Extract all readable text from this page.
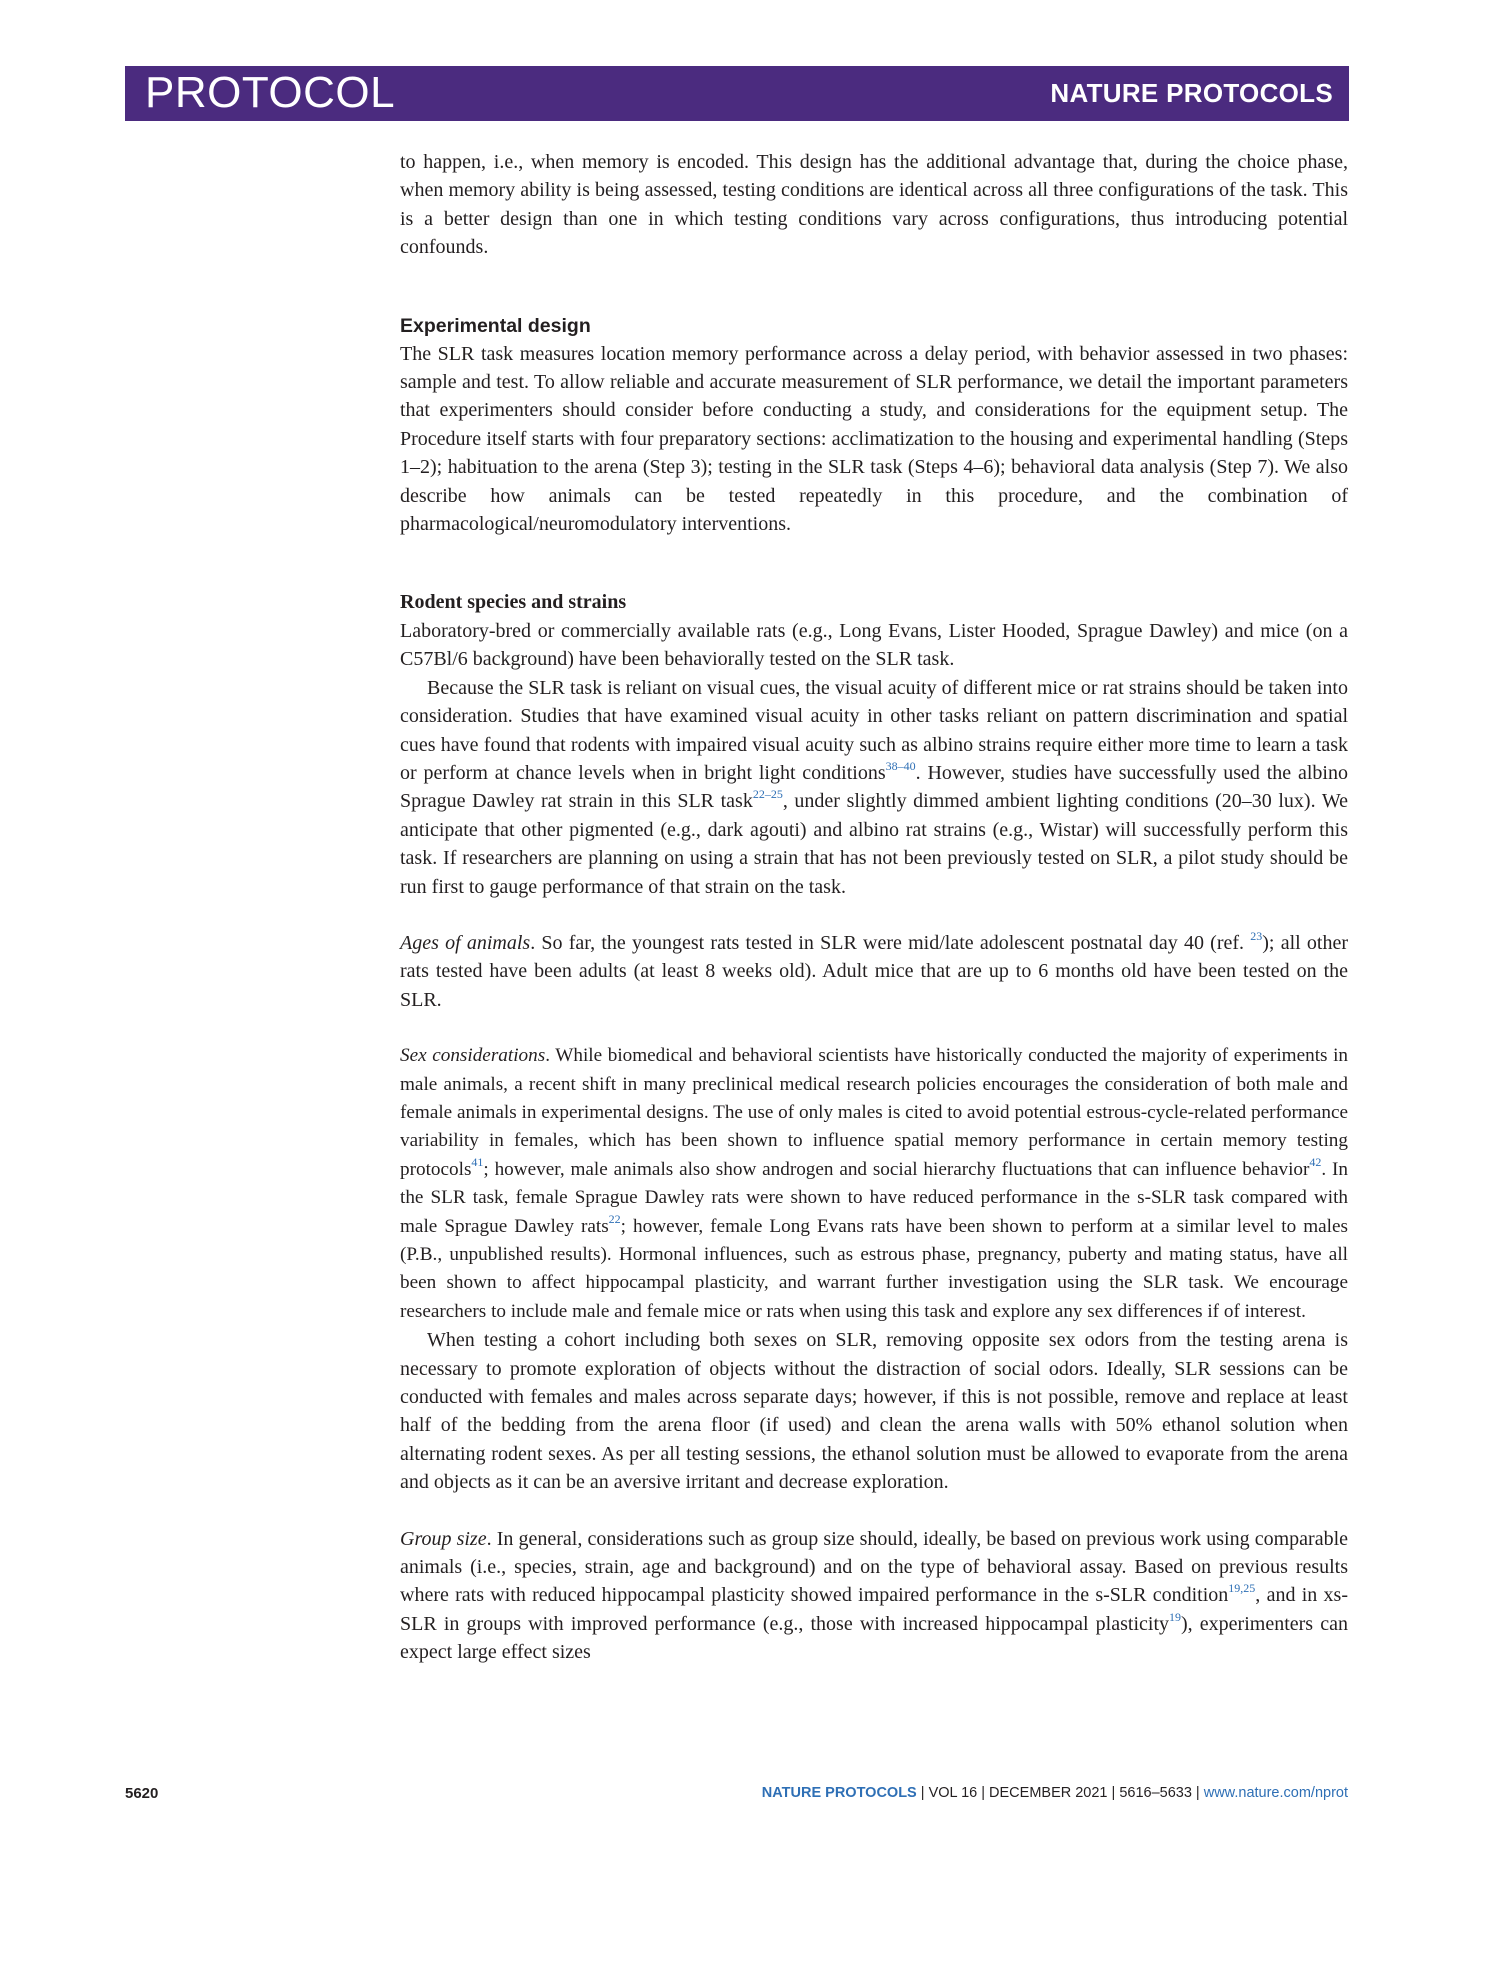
PROTOCOL	NATURE PROTOCOLS

to happen, i.e., when memory is encoded. This design has the additional advantage that, during the choice phase, when memory ability is being assessed, testing conditions are identical across all three configurations of the task. This is a better design than one in which testing conditions vary across configurations, thus introducing potential confounds.

Experimental design

The SLR task measures location memory performance across a delay period, with behavior assessed in two phases: sample and test. To allow reliable and accurate measurement of SLR performance, we detail the important parameters that experimenters should consider before conducting a study, and considerations for the equipment setup. The Procedure itself starts with four preparatory sections: acclimatization to the housing and experimental handling (Steps 1–2); habituation to the arena (Step 3); testing in the SLR task (Steps 4–6); behavioral data analysis (Step 7). We also describe how animals can be tested repeatedly in this procedure, and the combination of pharmacological/neuromodulatory interventions.

Rodent species and strains

Laboratory-bred or commercially available rats (e.g., Long Evans, Lister Hooded, Sprague Dawley) and mice (on a C57Bl/6 background) have been behaviorally tested on the SLR task.

Because the SLR task is reliant on visual cues, the visual acuity of different mice or rat strains should be taken into consideration. Studies that have examined visual acuity in other tasks reliant on pattern discrimination and spatial cues have found that rodents with impaired visual acuity such as albino strains require either more time to learn a task or perform at chance levels when in bright light conditions$^{38-40}$. However, studies have successfully used the albino Sprague Dawley rat strain in this SLR task$^{22-25}$, under slightly dimmed ambient lighting conditions (20–30 lux). We anticipate that other pigmented (e.g., dark agouti) and albino rat strains (e.g., Wistar) will successfully perform this task. If researchers are planning on using a strain that has not been previously tested on SLR, a pilot study should be run first to gauge performance of that strain on the task.

Ages of animals. So far, the youngest rats tested in SLR were mid/late adolescent postnatal day 40 (ref. $^{23}$); all other rats tested have been adults (at least 8 weeks old). Adult mice that are up to 6 months old have been tested on the SLR.

Sex considerations. While biomedical and behavioral scientists have historically conducted the majority of experiments in male animals, a recent shift in many preclinical medical research policies encourages the consideration of both male and female animals in experimental designs. The use of only males is cited to avoid potential estrous-cycle-related performance variability in females, which has been shown to influence spatial memory performance in certain memory testing protocols$^{41}$; however, male animals also show androgen and social hierarchy fluctuations that can influence behavior$^{42}$. In the SLR task, female Sprague Dawley rats were shown to have reduced performance in the s-SLR task compared with male Sprague Dawley rats$^{22}$; however, female Long Evans rats have been shown to perform at a similar level to males (P.B., unpublished results). Hormonal influences, such as estrous phase, pregnancy, puberty and mating status, have all been shown to affect hippocampal plasticity, and warrant further investigation using the SLR task. We encourage researchers to include male and female mice or rats when using this task and explore any sex differences if of interest.

When testing a cohort including both sexes on SLR, removing opposite sex odors from the testing arena is necessary to promote exploration of objects without the distraction of social odors. Ideally, SLR sessions can be conducted with females and males across separate days; however, if this is not possible, remove and replace at least half of the bedding from the arena floor (if used) and clean the arena walls with 50% ethanol solution when alternating rodent sexes. As per all testing sessions, the ethanol solution must be allowed to evaporate from the arena and objects as it can be an aversive irritant and decrease exploration.

Group size. In general, considerations such as group size should, ideally, be based on previous work using comparable animals (i.e., species, strain, age and background) and on the type of behavioral assay. Based on previous results where rats with reduced hippocampal plasticity showed impaired performance in the s-SLR condition$^{19,25}$, and in xs-SLR in groups with improved performance (e.g., those with increased hippocampal plasticity$^{19}$), experimenters can expect large effect sizes

5620	NATURE PROTOCOLS | VOL 16 | DECEMBER 2021 | 5616–5633 | www.nature.com/nprot
